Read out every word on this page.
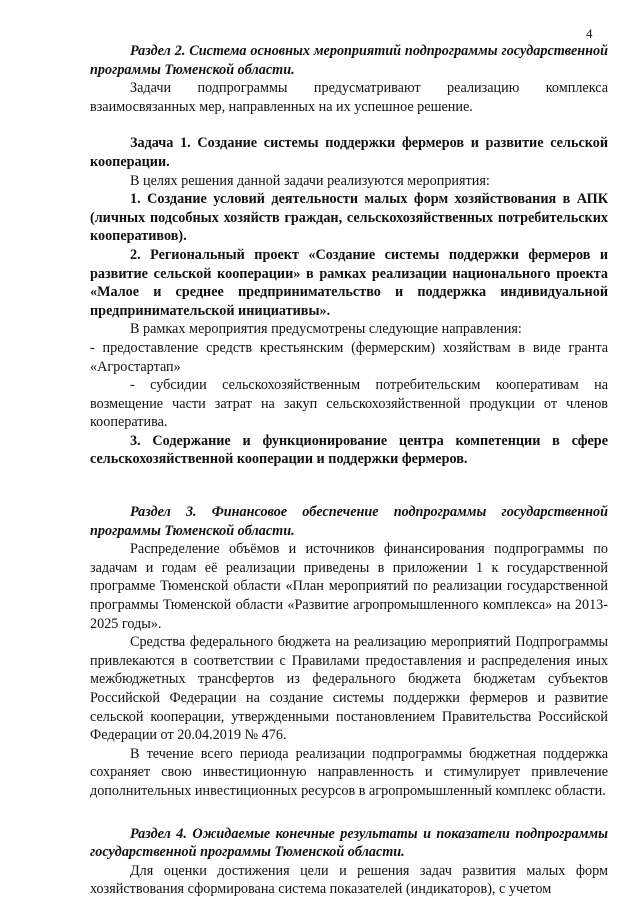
4

Раздел 2. Система основных мероприятий подпрограммы государственной программы Тюменской области.

Задачи подпрограммы предусматривают реализацию комплекса взаимосвязанных мер, направленных на их успешное решение.

Задача 1. Создание системы поддержки фермеров и развитие сельской кооперации.

В целях решения данной задачи реализуются мероприятия:

1. Создание условий деятельности малых форм хозяйствования в АПК (личных подсобных хозяйств граждан, сельскохозяйственных потребительских кооперативов).

2. Региональный проект «Создание системы поддержки фермеров и развитие сельской кооперации» в рамках реализации национального проекта «Малое и среднее предпринимательство и поддержка индивидуальной предпринимательской инициативы».

В рамках мероприятия предусмотрены следующие направления:

- предоставление средств крестьянским (фермерским) хозяйствам в виде гранта «Агростартап»

- субсидии сельскохозяйственным потребительским кооперативам на возмещение части затрат на закуп сельскохозяйственной продукции от членов кооператива.

3. Содержание и функционирование центра компетенции в сфере сельскохозяйственной кооперации и поддержки фермеров.

Раздел 3. Финансовое обеспечение подпрограммы государственной программы Тюменской области.

Распределение объёмов и источников финансирования подпрограммы по задачам и годам её реализации приведены в приложении 1 к государственной программе Тюменской области «План мероприятий по реализации государственной программы Тюменской области «Развитие агропромышленного комплекса» на 2013-2025 годы».

Средства федерального бюджета на реализацию мероприятий Подпрограммы привлекаются в соответствии с Правилами предоставления и распределения иных межбюджетных трансфертов из федерального бюджета бюджетам субъектов Российской Федерации на создание системы поддержки фермеров и развитие сельской кооперации, утвержденными постановлением Правительства Российской Федерации от 20.04.2019 № 476.

В течение всего периода реализации подпрограммы бюджетная поддержка сохраняет свою инвестиционную направленность и стимулирует привлечение дополнительных инвестиционных ресурсов в агропромышленный комплекс области.

Раздел 4. Ожидаемые конечные результаты и показатели подпрограммы государственной программы Тюменской области.

Для оценки достижения цели и решения задач развития малых форм хозяйствования сформирована система показателей (индикаторов), с учетом
